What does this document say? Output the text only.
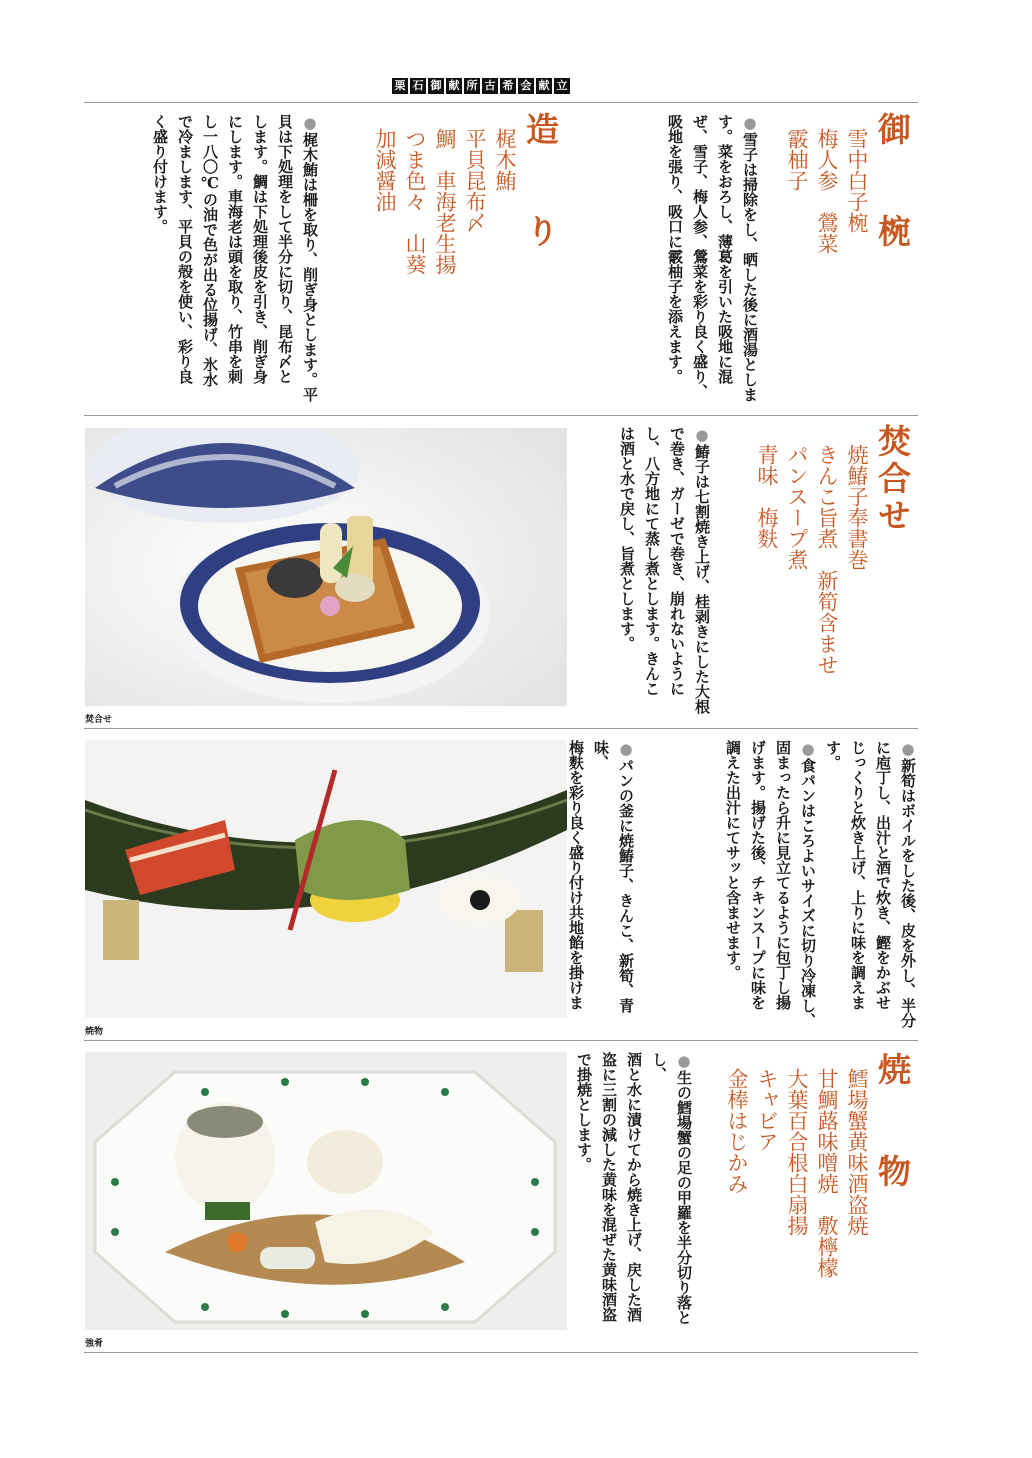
栗 石 御 献 所 古 希 会 献 立
御　椀
雪中白子椀
梅人参　鶯菜
霰柚子
●雪子は掃除をし、晒した後に酒湯としま
す。菜をおろし、薄葛を引いた吸地に混
ぜ、雪子、梅人参、鶯菜を彩り良く盛り、
吸地を張り、吸口に霰柚子を添えます。
造　り
梶木鮪
平貝昆布〆
鯛　車海老生揚
つま色々　山葵
加減醤油
●梶木鮪は柵を取り、削ぎ身とします。平
貝は下処理をして半分に切り、昆布〆と
します。鯛は下処理後皮を引き、削ぎ身
にします。車海老は頭を取り、竹串を刺
し一八〇℃の油で色が出る位揚げ、氷水
で冷まします、平貝の殻を使い、彩り良
く盛り付けます。
焚合せ
焼鰆子奉書巻
きんこ旨煮　新筍含ませ
パンスープ煮
青味　梅麩
●鰆子は七割焼き上げ、桂剥きにした大根
で巻き、ガーゼで巻き、崩れないように
し、八方地にて蒸し煮とします。きんこ
は酒と水で戻し、旨煮とします。
●新筍はボイルをした後、皮を外し、半分
に庖丁し、出汁と酒で炊き、鰹をかぶせ
じっくりと炊き上げ、上りに味を調えます。
●食パンはころよいサイズに切り冷凍し、
固まったら升に見立てるように包丁し揚
げます。揚げた後、チキンスープに味を
調えた出汁にてサッと含ませます。
●パンの釜に焼鰆子、きんこ、新筍、青味、
梅麩を彩り良く盛り付け共地餡を掛けま
焼　物
鱈場蟹黄味酒盗焼
甘鯛蕗味噌焼　敷檸檬
大葉百合根白扇揚
キャビア
金棒はじかみ
●生の鱈場蟹の足の甲羅を半分切り落とし、
酒と水に漬けてから焼き上げ、戻した酒
盗に三割の減した黄味を混ぜた黄味酒盗
で掛焼とします。
焚合せ
焼物
強肴
